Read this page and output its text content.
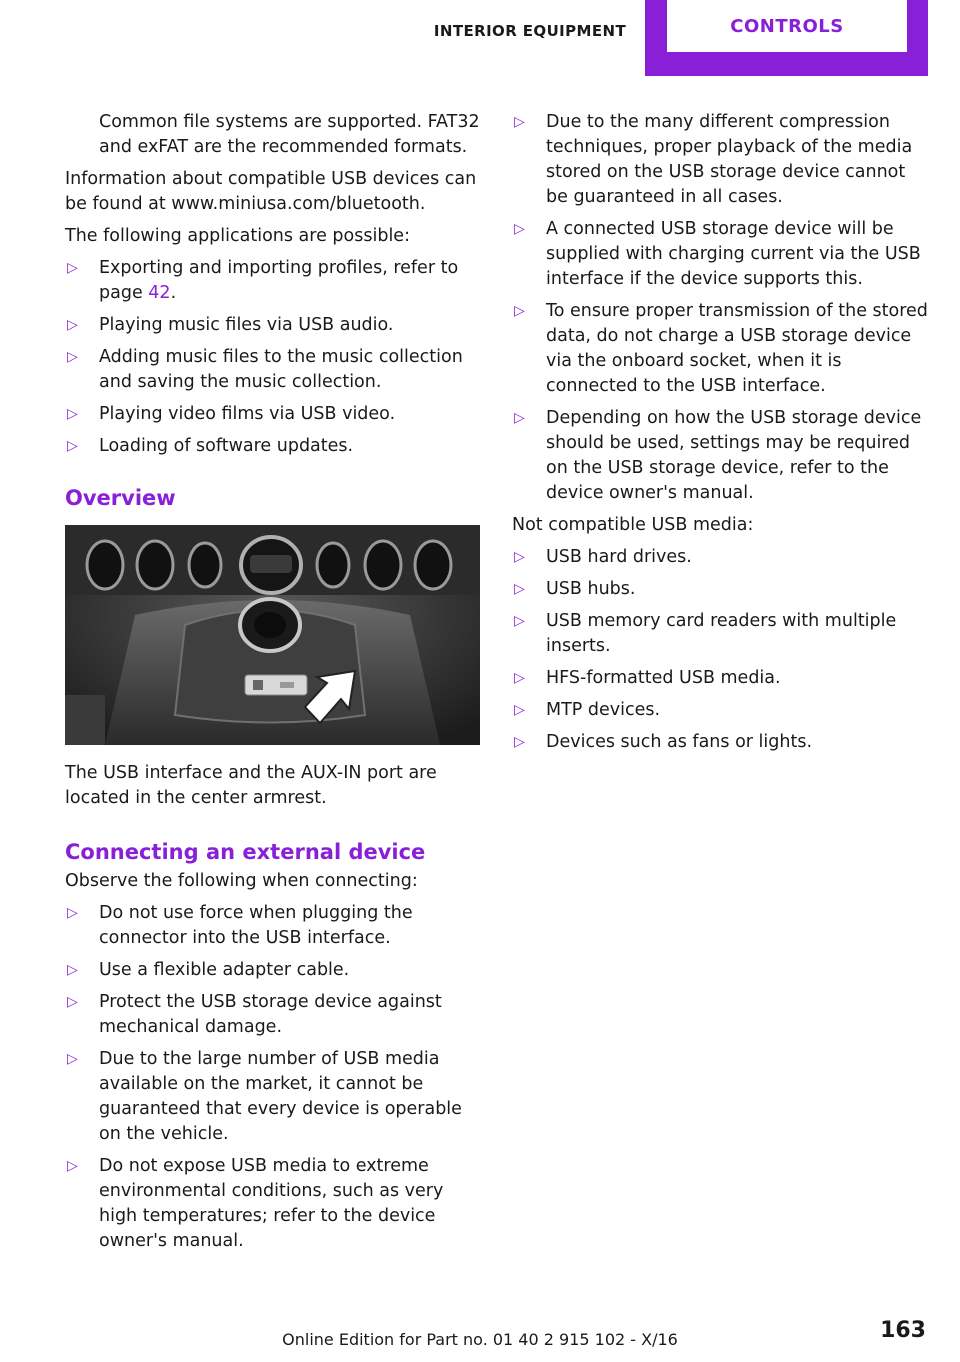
INTERIOR EQUIPMENT	CONTROLS

Common file systems are supported. FAT32 and exFAT are the recommended formats.

Information about compatible USB devices can be found at www.miniusa.com/bluetooth.

The following applications are possible:

▷ Exporting and importing profiles, refer to page 42.
▷ Playing music files via USB audio.
▷ Adding music files to the music collection and saving the music collection.
▷ Playing video films via USB video.
▷ Loading of software updates.
Overview

The USB interface and the AUX-IN port are located in the center armrest.

Connecting an external device

Observe the following when connecting:

▷ Do not use force when plugging the connector into the USB interface.
▷ Use a flexible adapter cable.
▷ Protect the USB storage device against mechanical damage.
▷ Due to the large number of USB media available on the market, it cannot be guaranteed that every device is operable on the vehicle.
▷ Do not expose USB media to extreme environmental conditions, such as very high temperatures; refer to the device owner's manual.
▷ Due to the many different compression techniques, proper playback of the media stored on the USB storage device cannot be guaranteed in all cases.
▷ A connected USB storage device will be supplied with charging current via the USB interface if the device supports this.
▷ To ensure proper transmission of the stored data, do not charge a USB storage device via the onboard socket, when it is connected to the USB interface.
▷ Depending on how the USB storage device should be used, settings may be required on the USB storage device, refer to the device owner's manual.

Not compatible USB media:

▷ USB hard drives.
▷ USB hubs.
▷ USB memory card readers with multiple inserts.
▷ HFS-formatted USB media.
▷ MTP devices.
▷ Devices such as fans or lights.
Online Edition for Part no. 01 40 2 915 102 - X/16	163
